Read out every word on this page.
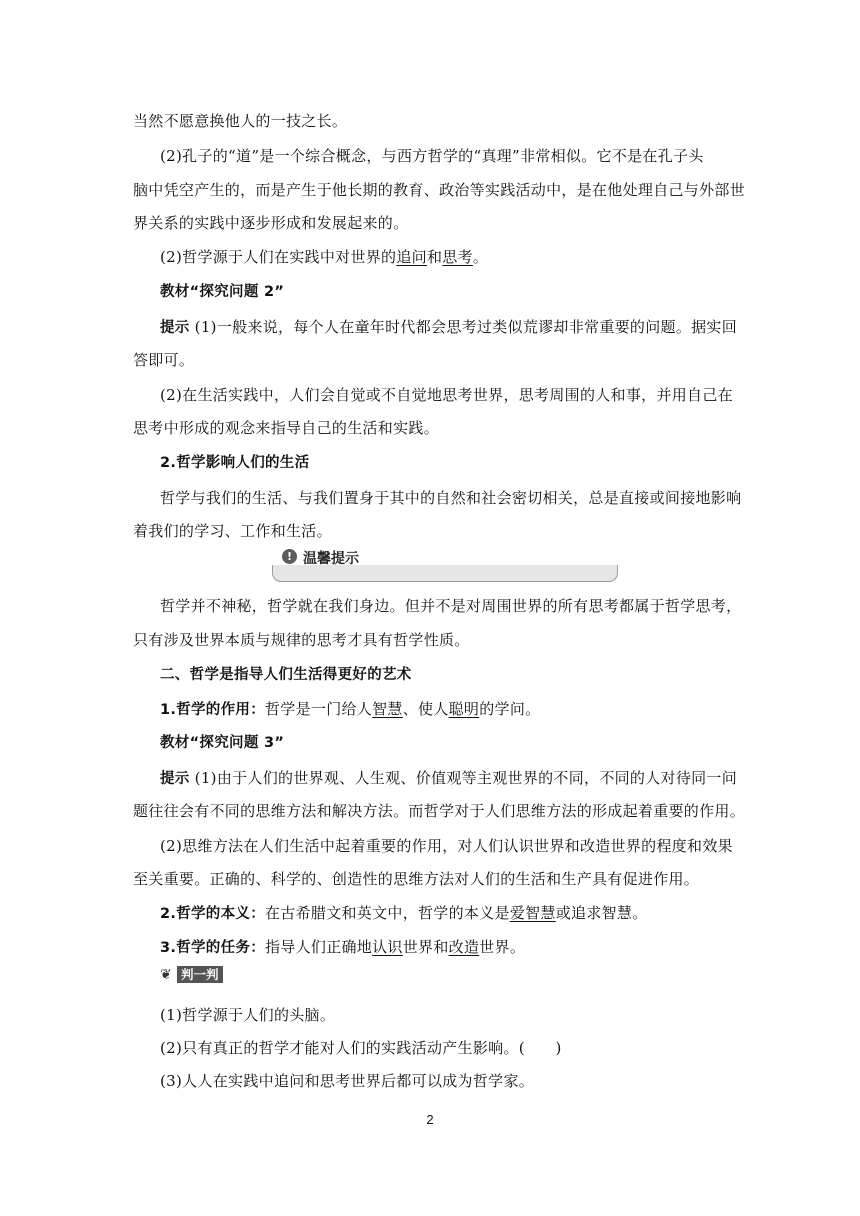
当然不愿意换他人的一技之长。
(2)孔子的“道”是一个综合概念，与西方哲学的“真理”非常相似。它不是在孔子头
脑中凭空产生的，而是产生于他长期的教育、政治等实践活动中，是在他处理自己与外部世
界关系的实践中逐步形成和发展起来的。
(2)哲学源于人们在实践中对世界的追问和思考。
教材“探究问题 2”
提示 (1)一般来说，每个人在童年时代都会思考过类似荒谬却非常重要的问题。据实回
答即可。
(2)在生活实践中，人们会自觉或不自觉地思考世界，思考周围的人和事，并用自己在
思考中形成的观念来指导自己的生活和实践。
2.哲学影响人们的生活
哲学与我们的生活、与我们置身于其中的自然和社会密切相关，总是直接或间接地影响
着我们的学习、工作和生活。
! 温馨提示
哲学并不神秘，哲学就在我们身边。但并不是对周围世界的所有思考都属于哲学思考，
只有涉及世界本质与规律的思考才具有哲学性质。
二、哲学是指导人们生活得更好的艺术
1.哲学的作用：哲学是一门给人智慧、使人聪明的学问。
教材“探究问题 3”
提示 (1)由于人们的世界观、人生观、价值观等主观世界的不同，不同的人对待同一问
题往往会有不同的思维方法和解决方法。而哲学对于人们思维方法的形成起着重要的作用。
(2)思维方法在人们生活中起着重要的作用，对人们认识世界和改造世界的程度和效果
至关重要。正确的、科学的、创造性的思维方法对人们的生活和生产具有促进作用。
2.哲学的本义：在古希腊文和英文中，哲学的本义是爱智慧或追求智慧。
3.哲学的任务：指导人们正确地认识世界和改造世界。
❦ 判一判
(1)哲学源于人们的头脑。
(2)只有真正的哲学才能对人们的实践活动产生影响。(　　)
(3)人人在实践中追问和思考世界后都可以成为哲学家。
2
